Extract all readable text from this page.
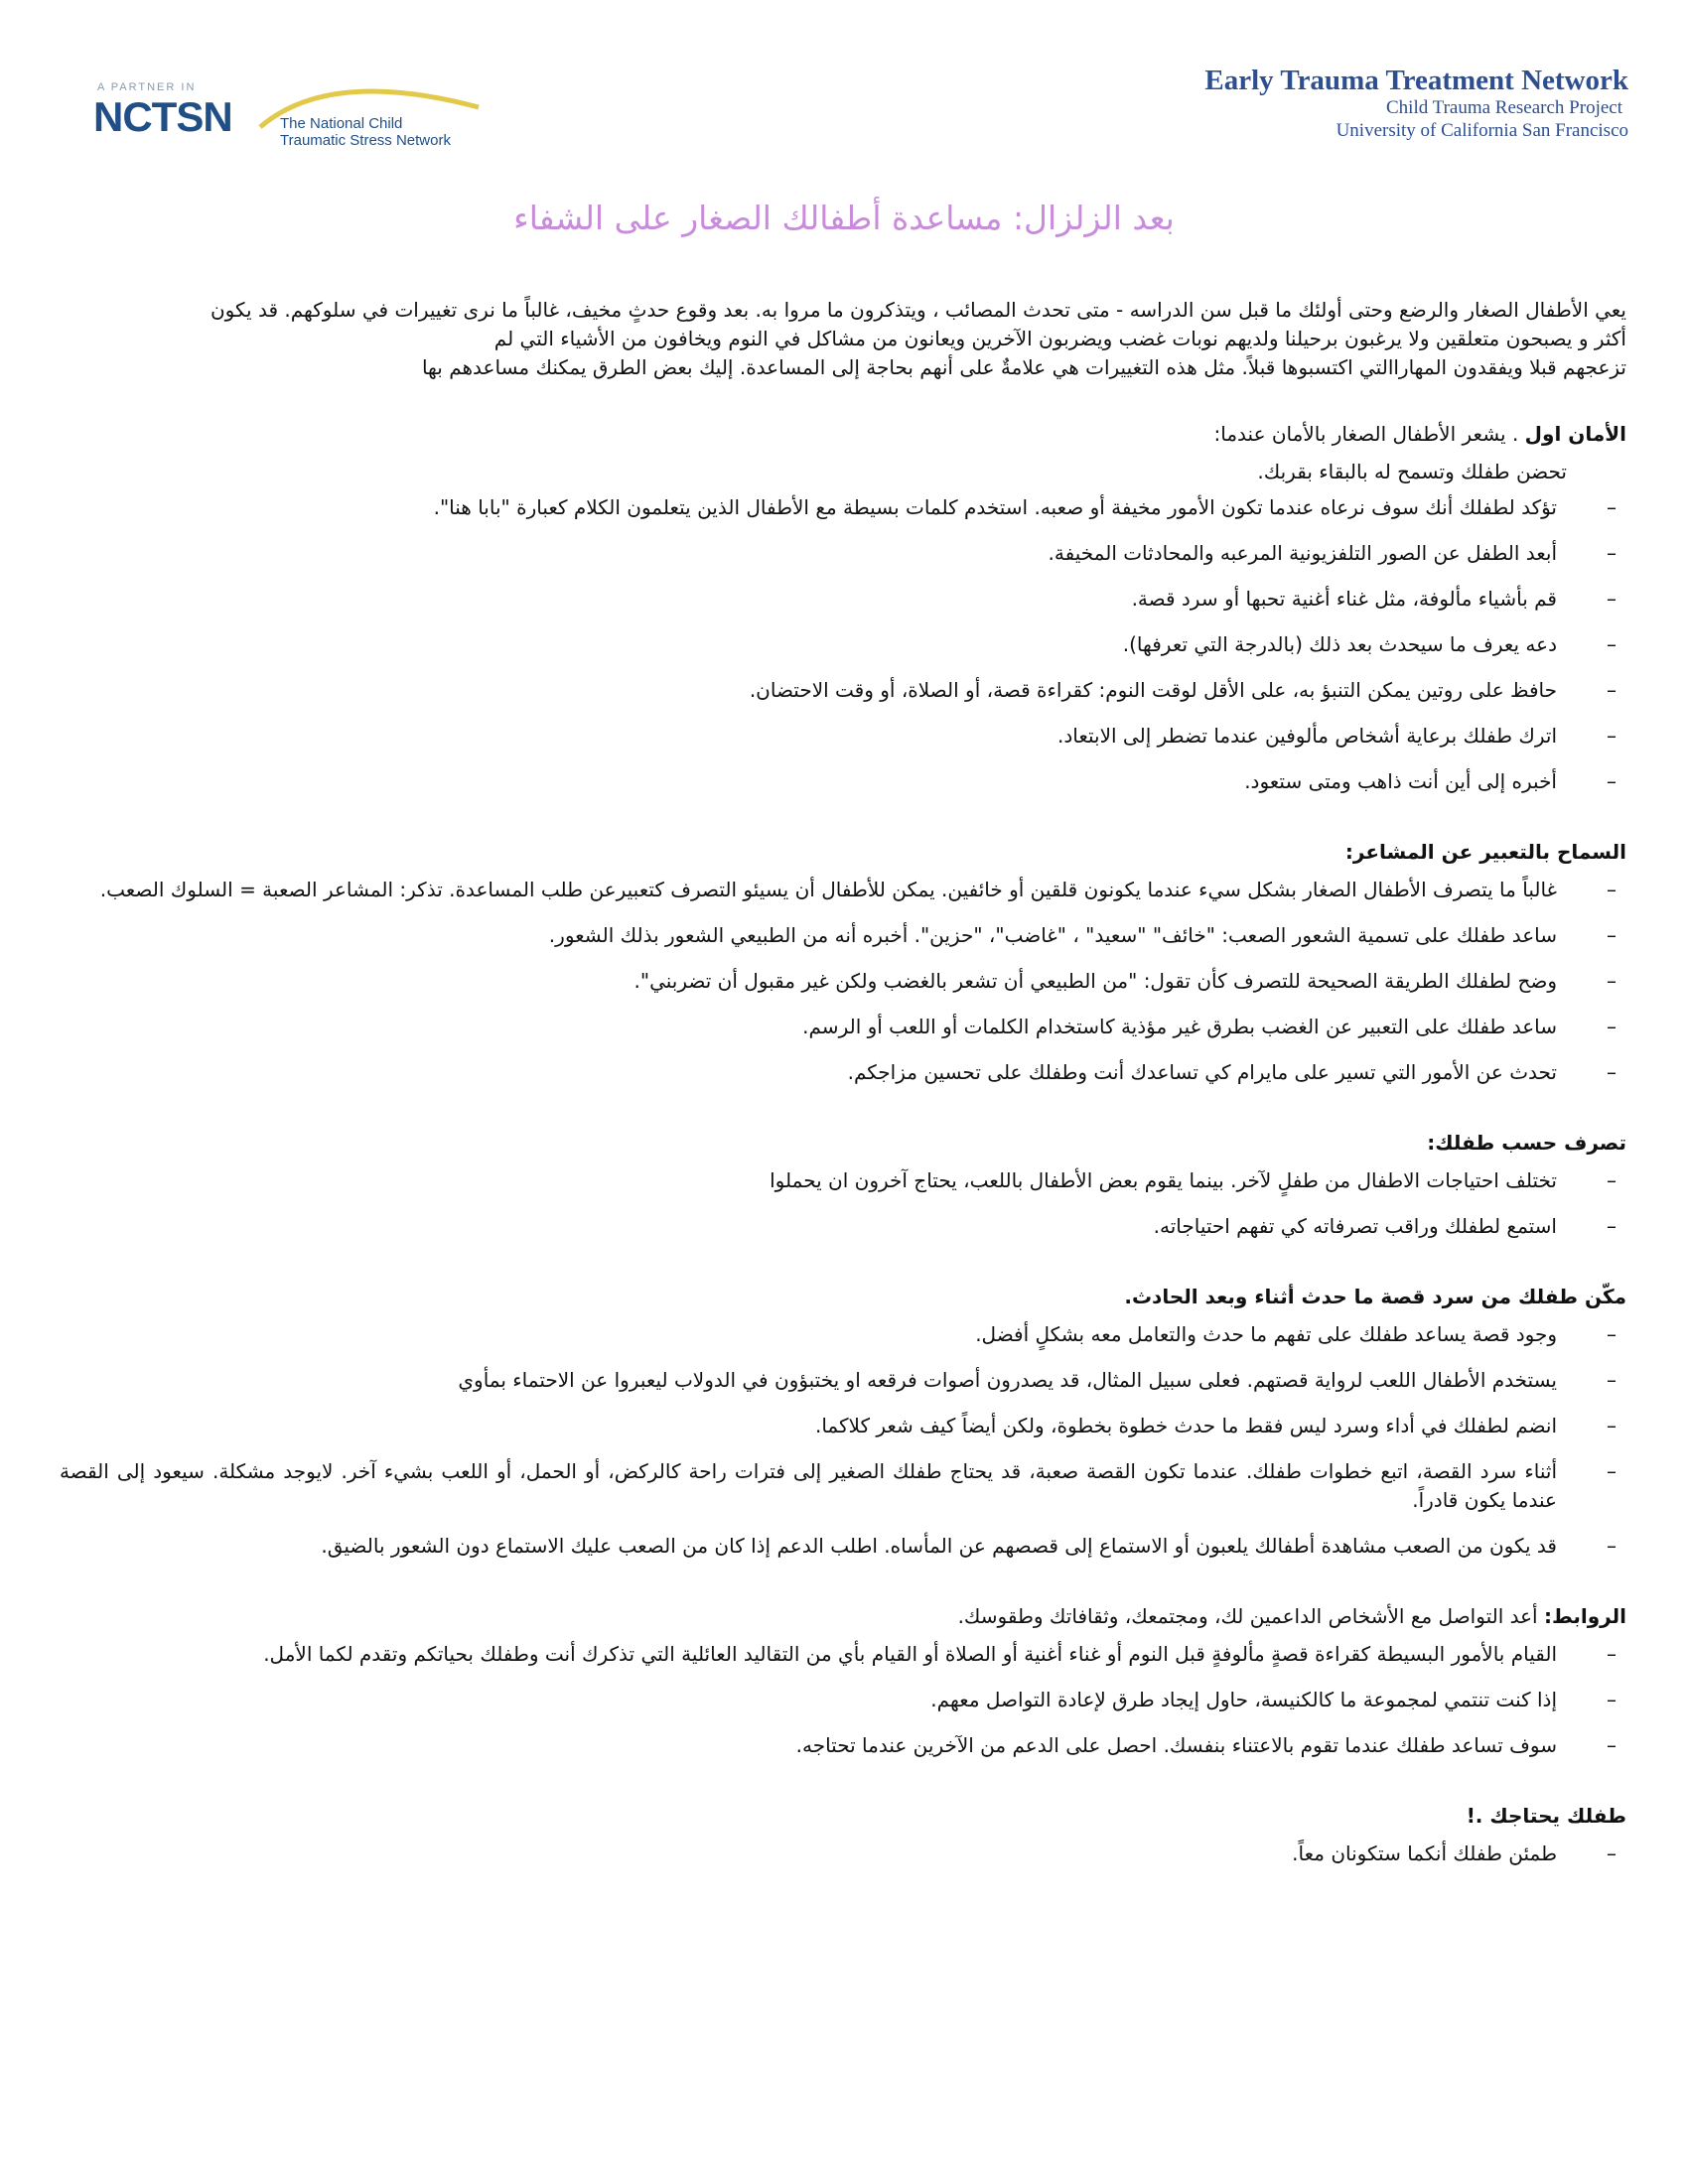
A PARTNER IN
NCTSN	The National Child
Traumatic Stress Network
Early Trauma Treatment Network
Child Trauma Research Project
University of California San Francisco
بعد الزلزال: مساعدة أطفالك الصغار على الشفاء
يعي الأطفال الصغار والرضع وحتى أولئك ما قبل سن الدراسه - متى تحدث المصائب ، ويتذكرون ما مروا به. بعد وقوع حدثٍ مخيف، غالباً ما نرى تغييرات في سلوكهم. قد يكون
أكثر و يصبحون متعلقين ولا يرغبون برحيلنا ولديهم نوبات غضب ويضربون الآخرين ويعانون من مشاكل في النوم ويخافون من الأشياء التي لم
تزعجهم قبلا ويفقدون المهاراالتي اكتسبوها قبلاً. مثل هذه التغييرات هي علامةٌ على أنهم بحاجة إلى المساعدة. إليك بعض الطرق يمكنك مساعدهم بها
الأمان اول . يشعر الأطفال الصغار بالأمان عندما:
تحضن طفلك وتسمح له بالبقاء بقربك.
–
تؤكد لطفلك أنك سوف نرعاه عندما تكون الأمور مخيفة أو صعبه. استخدم كلمات بسيطة مع الأطفال الذين يتعلمون الكلام كعبارة "بابا هنا".
–
أبعد الطفل عن الصور التلفزيونية المرعبه والمحادثات المخيفة.
–
قم بأشياء مألوفة، مثل غناء أغنية تحبها أو سرد قصة.
–
دعه يعرف ما سيحدث بعد ذلك (بالدرجة التي تعرفها).
–
حافظ على روتين يمكن التنبؤ به، على الأقل لوقت النوم: كقراءة قصة، أو الصلاة، أو وقت الاحتضان.
–
اترك طفلك برعاية أشخاص مألوفين عندما تضطر إلى الابتعاد.
–
أخبره إلى أين أنت ذاهب ومتى ستعود.
السماح بالتعبير عن المشاعر:
–
غالباً ما يتصرف الأطفال الصغار بشكل سيء عندما يكونون قلقين أو خائفين. يمكن للأطفال أن يسيئو التصرف كتعبيرعن طلب المساعدة. تذكر: المشاعر الصعبة = السلوك الصعب.
–
ساعد طفلك على تسمية الشعور الصعب: "خائف" "سعيد" ، "غاضب"، "حزين". أخبره أنه من الطبيعي الشعور بذلك الشعور.
–
وضح لطفلك الطريقة الصحيحة للتصرف كأن تقول: "من الطبيعي أن تشعر بالغضب ولكن غير مقبول أن تضربني".
–
ساعد طفلك على التعبير عن الغضب بطرق غير مؤذية كاستخدام الكلمات أو اللعب أو الرسم.
–
تحدث عن الأمور التي تسير على مايرام كي تساعدك أنت وطفلك على تحسين مزاجكم.
تصرف حسب طفلك:
–
تختلف احتياجات الاطفال من طفلٍ لآخر. بينما يقوم بعض الأطفال باللعب، يحتاج آخرون ان يحملوا
–
استمع لطفلك وراقب تصرفاته كي تفهم احتياجاته.
مكّن طفلك من سرد قصة ما حدث أثناء وبعد الحادث.
–
وجود قصة يساعد طفلك على تفهم ما حدث والتعامل معه بشكلٍ أفضل.
–
يستخدم الأطفال اللعب لرواية قصتهم. فعلى سبيل المثال، قد يصدرون أصوات فرقعه او يختبؤون في الدولاب ليعبروا عن الاحتماء بمأوي
–
انضم لطفلك في أداء وسرد ليس فقط ما حدث خطوة بخطوة، ولكن أيضاً كيف شعر كلاكما.
–
أثناء سرد القصة، اتبع خطوات طفلك. عندما تكون القصة صعبة، قد يحتاج طفلك الصغير إلى فترات راحة كالركض، أو الحمل، أو اللعب بشيء آخر. لايوجد مشكلة. سيعود إلى القصة عندما يكون قادراً.
–
قد يكون من الصعب مشاهدة أطفالك يلعبون أو الاستماع إلى قصصهم عن المأساه. اطلب الدعم إذا كان من الصعب عليك الاستماع دون الشعور بالضيق.
الروابط: أعد التواصل مع الأشخاص الداعمين لك، ومجتمعك، وثقافاتك وطقوسك.
–
القيام بالأمور البسيطة كقراءة قصةٍ مألوفةٍ قبل النوم أو غناء أغنية أو الصلاة أو القيام بأي من التقاليد العائلية التي تذكرك أنت وطفلك بحياتكم وتقدم لكما الأمل.
–
إذا كنت تنتمي لمجموعة ما كالكنيسة، حاول إيجاد طرق لإعادة التواصل معهم.
–
سوف تساعد طفلك عندما تقوم بالاعتناء بنفسك. احصل على الدعم من الآخرين عندما تحتاجه.
طفلك يحتاجك .!
–
طمئن طفلك أنكما ستكونان معاً.
